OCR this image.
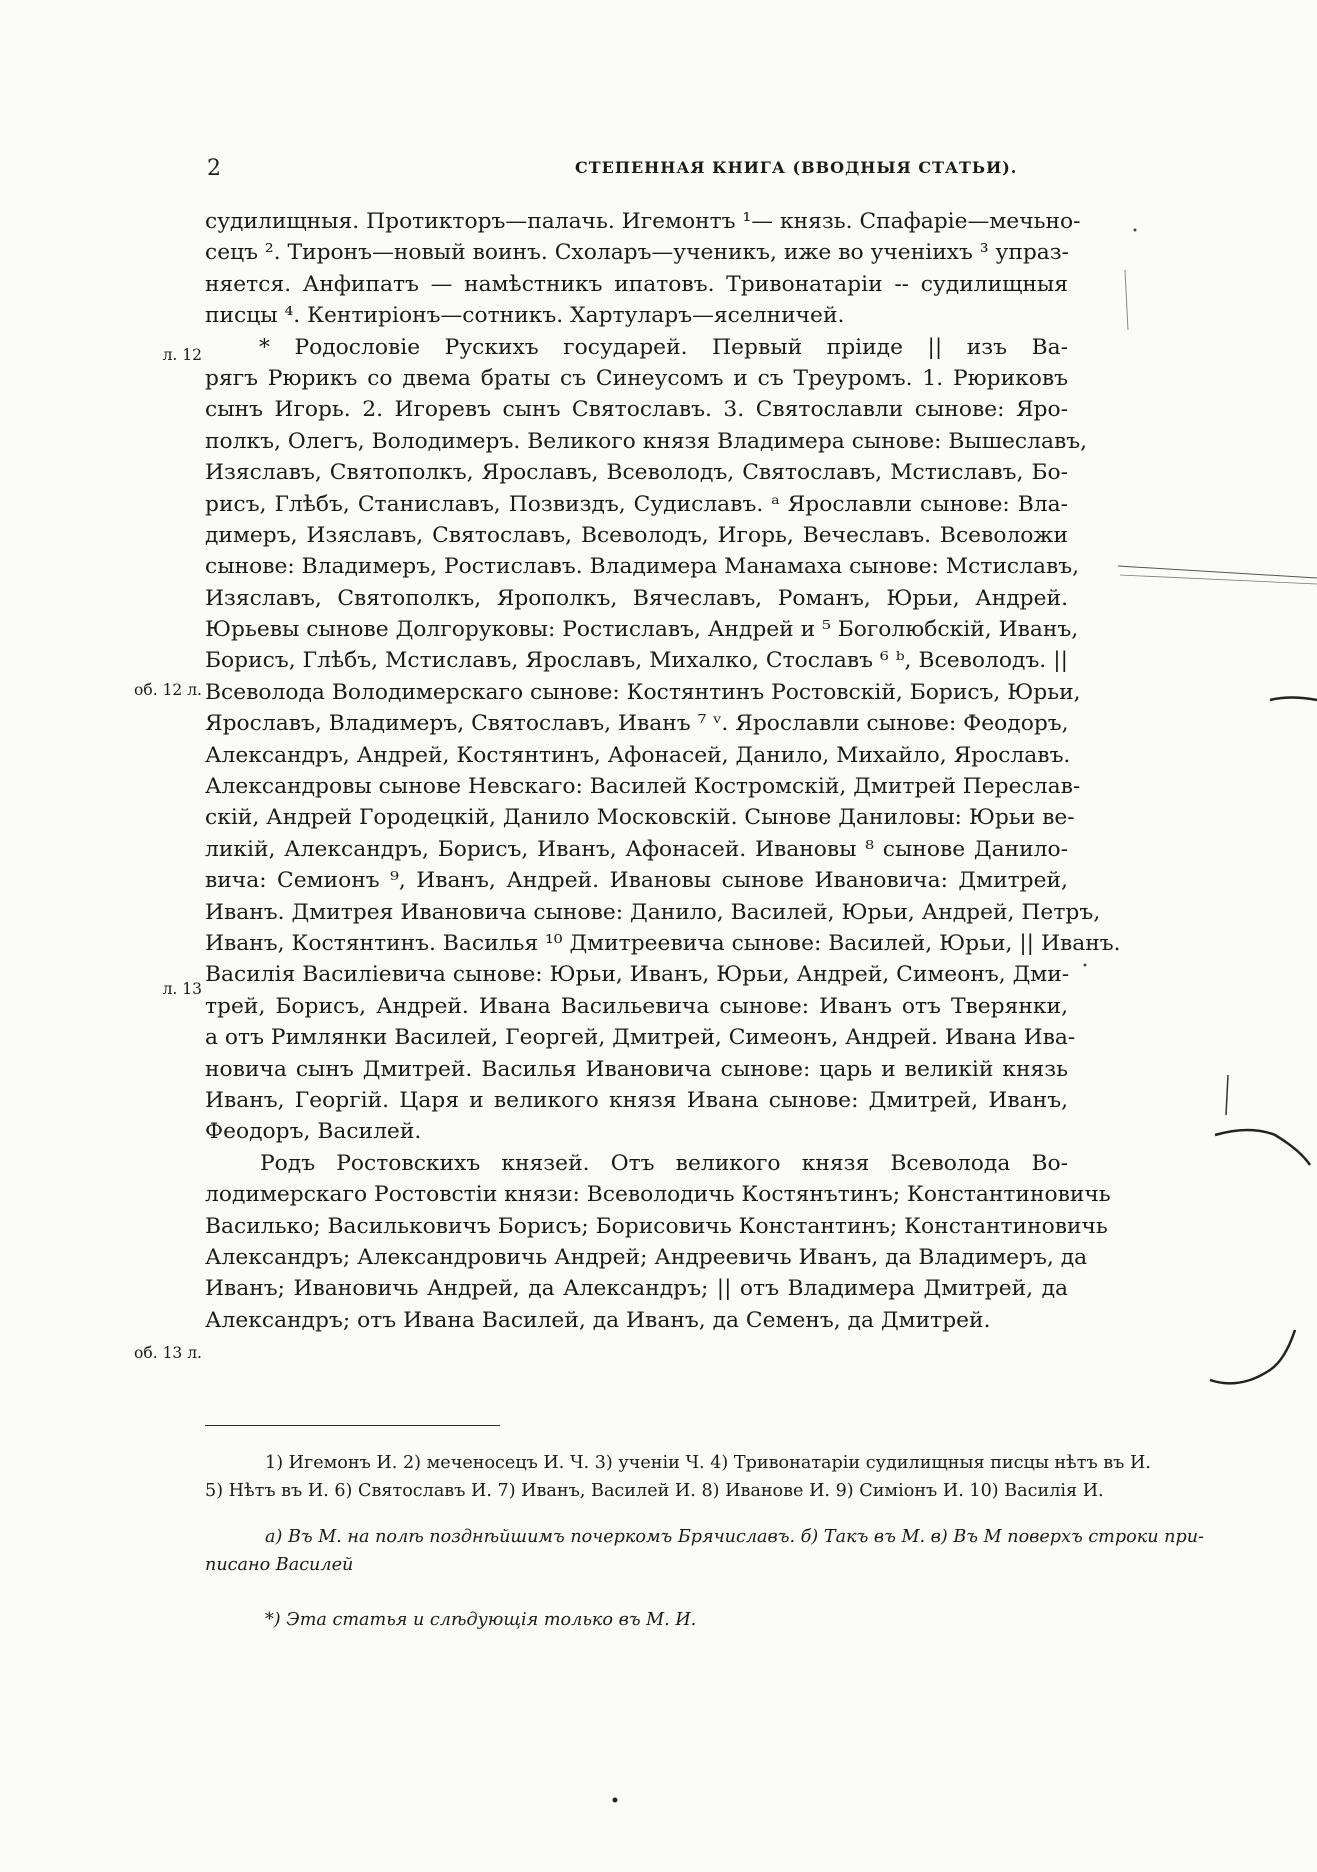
2	СТЕПЕННАЯ КНИГА (ВВОДНЫЯ СТАТЬИ).
судилищныя. Протикторъ—палачь. Игемонтъ ¹— князь. Спафаріе—мечьно-
сецъ ². Тиронъ—новый воинъ. Схоларъ—ученикъ, иже во ученіихъ ³ упраз-
няется. Анфипатъ — намѣстникъ ипатовъ. Тривонатаріи -- судилищныя
писцы ⁴. Кентиріонъ—сотникъ. Хартуларъ—яселничей.
* Родословіе Рускихъ государей. Первый пріиде || изъ Ва-
рягъ Рюрикъ со двема браты съ Синеусомъ и съ Треуромъ. 1. Рюриковъ
сынъ Игорь. 2. Игоревъ сынъ Святославъ. 3. Святославли сынове: Яро-
полкъ, Олегъ, Володимеръ. Великого князя Владимера сынове: Вышеславъ,
Изяславъ, Святополкъ, Ярославъ, Всеволодъ, Святославъ, Мстиславъ, Бо-
рисъ, Глѣбъ, Станиславъ, Позвиздъ, Судиславъ. ᵃ Ярославли сынове: Вла-
димеръ, Изяславъ, Святославъ, Всеволодъ, Игорь, Вечеславъ. Всеволожи
сынове: Владимеръ, Ростиславъ. Владимера Манамаха сынове: Мстиславъ,
Изяславъ, Святополкъ, Ярополкъ, Вячеславъ, Романъ, Юрьи, Андрей.
Юрьевы сынове Долгоруковы: Ростиславъ, Андрей и ⁵ Боголюбскій, Иванъ,
Борисъ, Глѣбъ, Мстиславъ, Ярославъ, Михалко, Стославъ ⁶ ᵇ, Всеволодъ. ||
Всеволода Володимерскаго сынове: Костянтинъ Ростовскій, Борисъ, Юрьи,
Ярославъ, Владимеръ, Святославъ, Иванъ ⁷ ᵛ. Ярославли сынове: Феодоръ,
Александръ, Андрей, Костянтинъ, Афонасей, Данило, Михайло, Ярославъ.
Александровы сынове Невскаго: Василей Костромскій, Дмитрей Переслав-
скій, Андрей Городецкій, Данило Московскій. Сынове Даниловы: Юрьи ве-
ликій, Александръ, Борисъ, Иванъ, Афонасей. Ивановы ⁸ сынове Данило-
вича: Семионъ ⁹, Иванъ, Андрей. Ивановы сынове Ивановича: Дмитрей,
Иванъ. Дмитрея Ивановича сынове: Данило, Василей, Юрьи, Андрей, Петръ,
Иванъ, Костянтинъ. Василья ¹⁰ Дмитреевича сынове: Василей, Юрьи, || Иванъ.
Василія Василіевича сынове: Юрьи, Иванъ, Юрьи, Андрей, Симеонъ, Дми-
трей, Борисъ, Андрей. Ивана Васильевича сынове: Иванъ отъ Тверянки,
а отъ Римлянки Василей, Георгей, Дмитрей, Симеонъ, Андрей. Ивана Ива-
новича сынъ Дмитрей. Василья Ивановича сынове: царь и великій князь
Иванъ, Георгій. Царя и великого князя Ивана сынове: Дмитрей, Иванъ,
Феодоръ, Василей.
Родъ Ростовскихъ князей. Отъ великого князя Всеволода Во-
лодимерскаго Ростовстіи князи: Всеволодичь Костянътинъ; Константиновичь
Василько; Васильковичъ Борисъ; Борисовичь Константинъ; Константиновичь
Александръ; Александровичь Андрей; Андреевичь Иванъ, да Владимеръ, да
Иванъ; Ивановичь Андрей, да Александръ; || отъ Владимера Дмитрей, да
Александръ; отъ Ивана Василей, да Иванъ, да Семенъ, да Дмитрей.
л. 12
об. 12 л.
л. 13
об. 13 л.
1) Игемонъ И. 2) меченосецъ И. Ч. 3) ученіи Ч. 4) Тривонатаріи судилищныя писцы нѣтъ въ И.
5) Нѣтъ въ И. 6) Святославъ И. 7) Иванъ, Василей И. 8) Иванове И. 9) Симіонъ И. 10) Василія И.
а) Въ М. на полѣ позднѣйшимъ почеркомъ Брячиславъ. б) Такъ въ М. в) Въ М поверхъ строки при-
писано Василей
*) Эта статья и слѣдующія только въ М. И.
